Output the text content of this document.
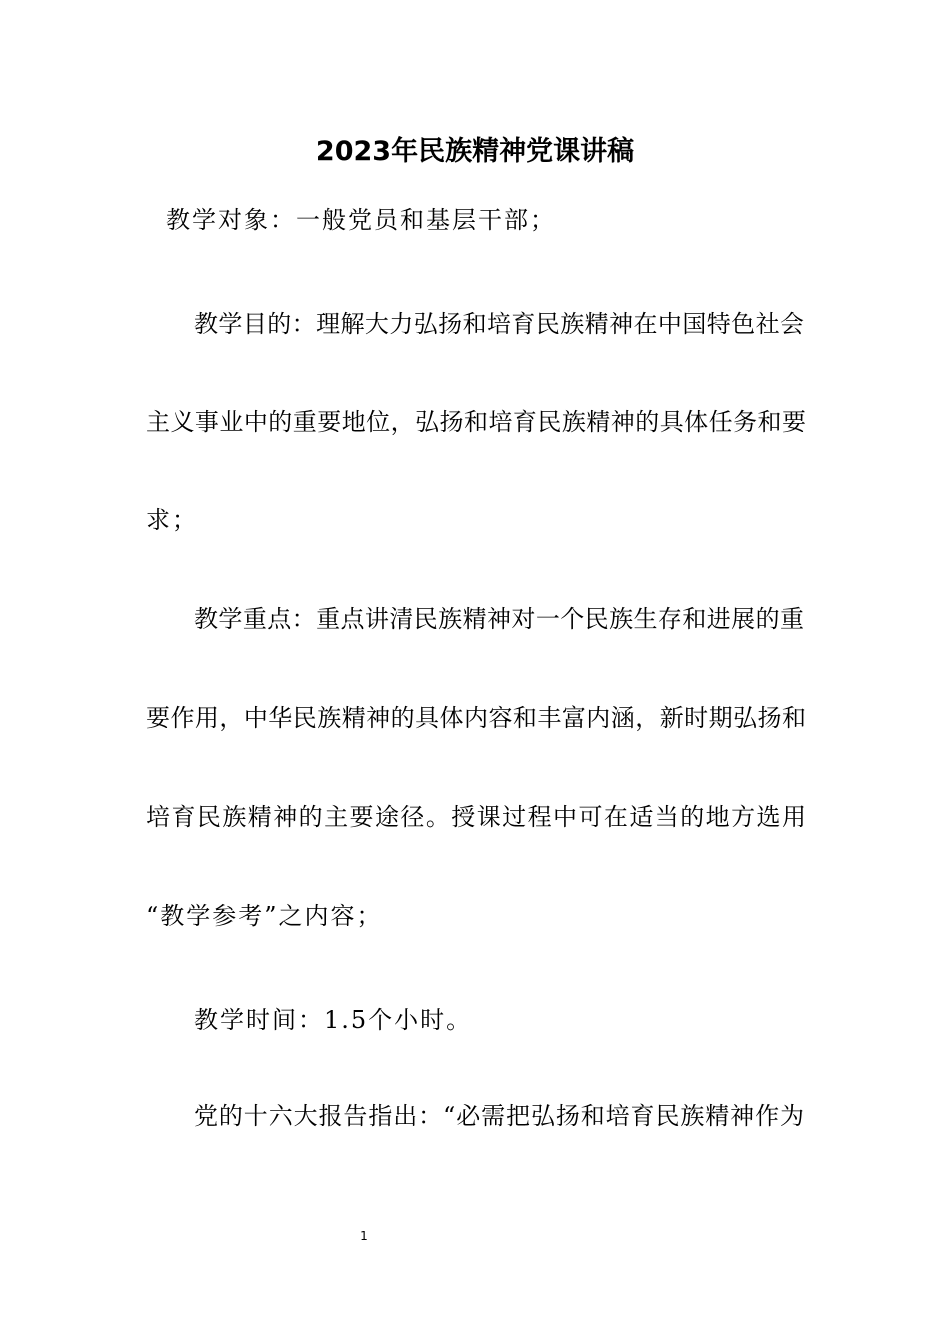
2023年民族精神党课讲稿
教学对象：一般党员和基层干部；
教学目的：理解大力弘扬和培育民族精神在中国特色社会
主义事业中的重要地位，弘扬和培育民族精神的具体任务和要
求；
教学重点：重点讲清民族精神对一个民族生存和进展的重
要作用，中华民族精神的具体内容和丰富内涵，新时期弘扬和
培育民族精神的主要途径。授课过程中可在适当的地方选用
“教学参考”之内容；
教学时间：1.5个小时。
党的十六大报告指出：“必需把弘扬和培育民族精神作为
1
